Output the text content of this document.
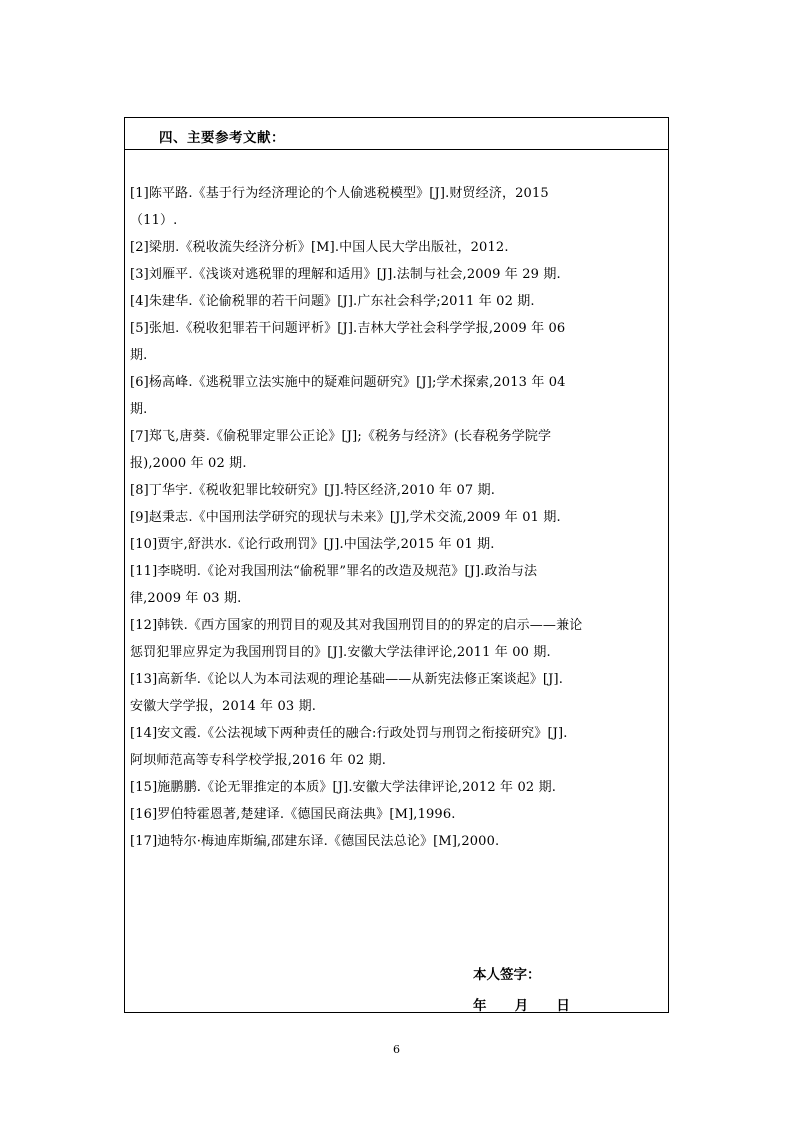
四、主要参考文献：
[1]陈平路.《基于行为经济理论的个人偷逃税模型》[J].财贸经济，2015
（11）.
[2]梁朋.《税收流失经济分析》[M].中国人民大学出版社，2012.
[3]刘雁平.《浅谈对逃税罪的理解和适用》[J].法制与社会,2009 年 29 期.
[4]朱建华.《论偷税罪的若干问题》[J].广东社会科学;2011 年 02 期.
[5]张旭.《税收犯罪若干问题评析》[J].吉林大学社会科学学报,2009 年 06
期.
[6]杨高峰.《逃税罪立法实施中的疑难问题研究》[J];学术探索,2013 年 04
期.
[7]郑飞,唐葵.《偷税罪定罪公正论》[J];《税务与经济》(长春税务学院学
报),2000 年 02 期.
[8]丁华宇.《税收犯罪比较研究》[J].特区经济,2010 年 07 期.
[9]赵秉志.《中国刑法学研究的现状与未来》[J],学术交流,2009 年 01 期.
[10]贾宇,舒洪水.《论行政刑罚》[J].中国法学,2015 年 01 期.
[11]李晓明.《论对我国刑法“偷税罪”罪名的改造及规范》[J].政治与法
律,2009 年 03 期.
[12]韩铁.《西方国家的刑罚目的观及其对我国刑罚目的的界定的启示——兼论
惩罚犯罪应界定为我国刑罚目的》[J].安徽大学法律评论,2011 年 00 期.
[13]高新华.《论以人为本司法观的理论基础——从新宪法修正案谈起》[J].
安徽大学学报，2014 年 03 期.
[14]安文霞.《公法视域下两种责任的融合:行政处罚与刑罚之衔接研究》[J].
阿坝师范高等专科学校学报,2016 年 02 期.
[15]施鹏鹏.《论无罪推定的本质》[J].安徽大学法律评论,2012 年 02 期.
[16]罗伯特霍恩著,楚建译.《德国民商法典》[M],1996.
[17]迪特尔·梅迪库斯编,邵建东译.《德国民法总论》[M],2000.
本人签字：
年      月      日
6
